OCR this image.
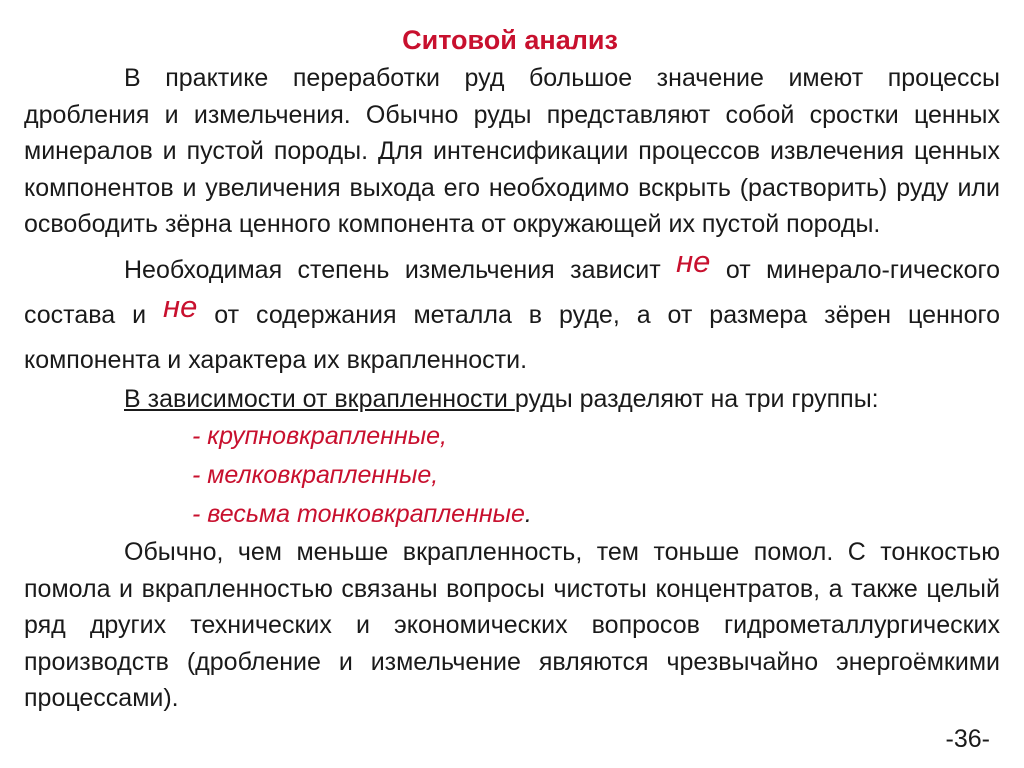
Ситовой анализ

В практике переработки руд большое значение имеют процессы дробления и измельчения. Обычно руды представляют собой сростки ценных минералов и пустой породы. Для интенсификации процессов извлечения ценных компонентов и увеличения выхода его необходимо вскрыть (растворить) руду или освободить зёрна ценного компонента от окружающей их пустой породы.

Необходимая степень измельчения зависит не от минерало-гического состава и не от содержания металла в руде, а от размера зёрен ценного компонента и характера их вкрапленности.

В зависимости от вкрапленности руды разделяют на три группы:

- крупновкрапленные,
- мелковкрапленные,
- весьма тонковкрапленные.

Обычно, чем меньше вкрапленность, тем тоньше помол. С тонкостью помола и вкрапленностью связаны вопросы чистоты концентратов, а также целый ряд других технических и экономических вопросов гидрометаллургических производств (дробление и измельчение являются чрезвычайно энергоёмкими процессами).

-36-
